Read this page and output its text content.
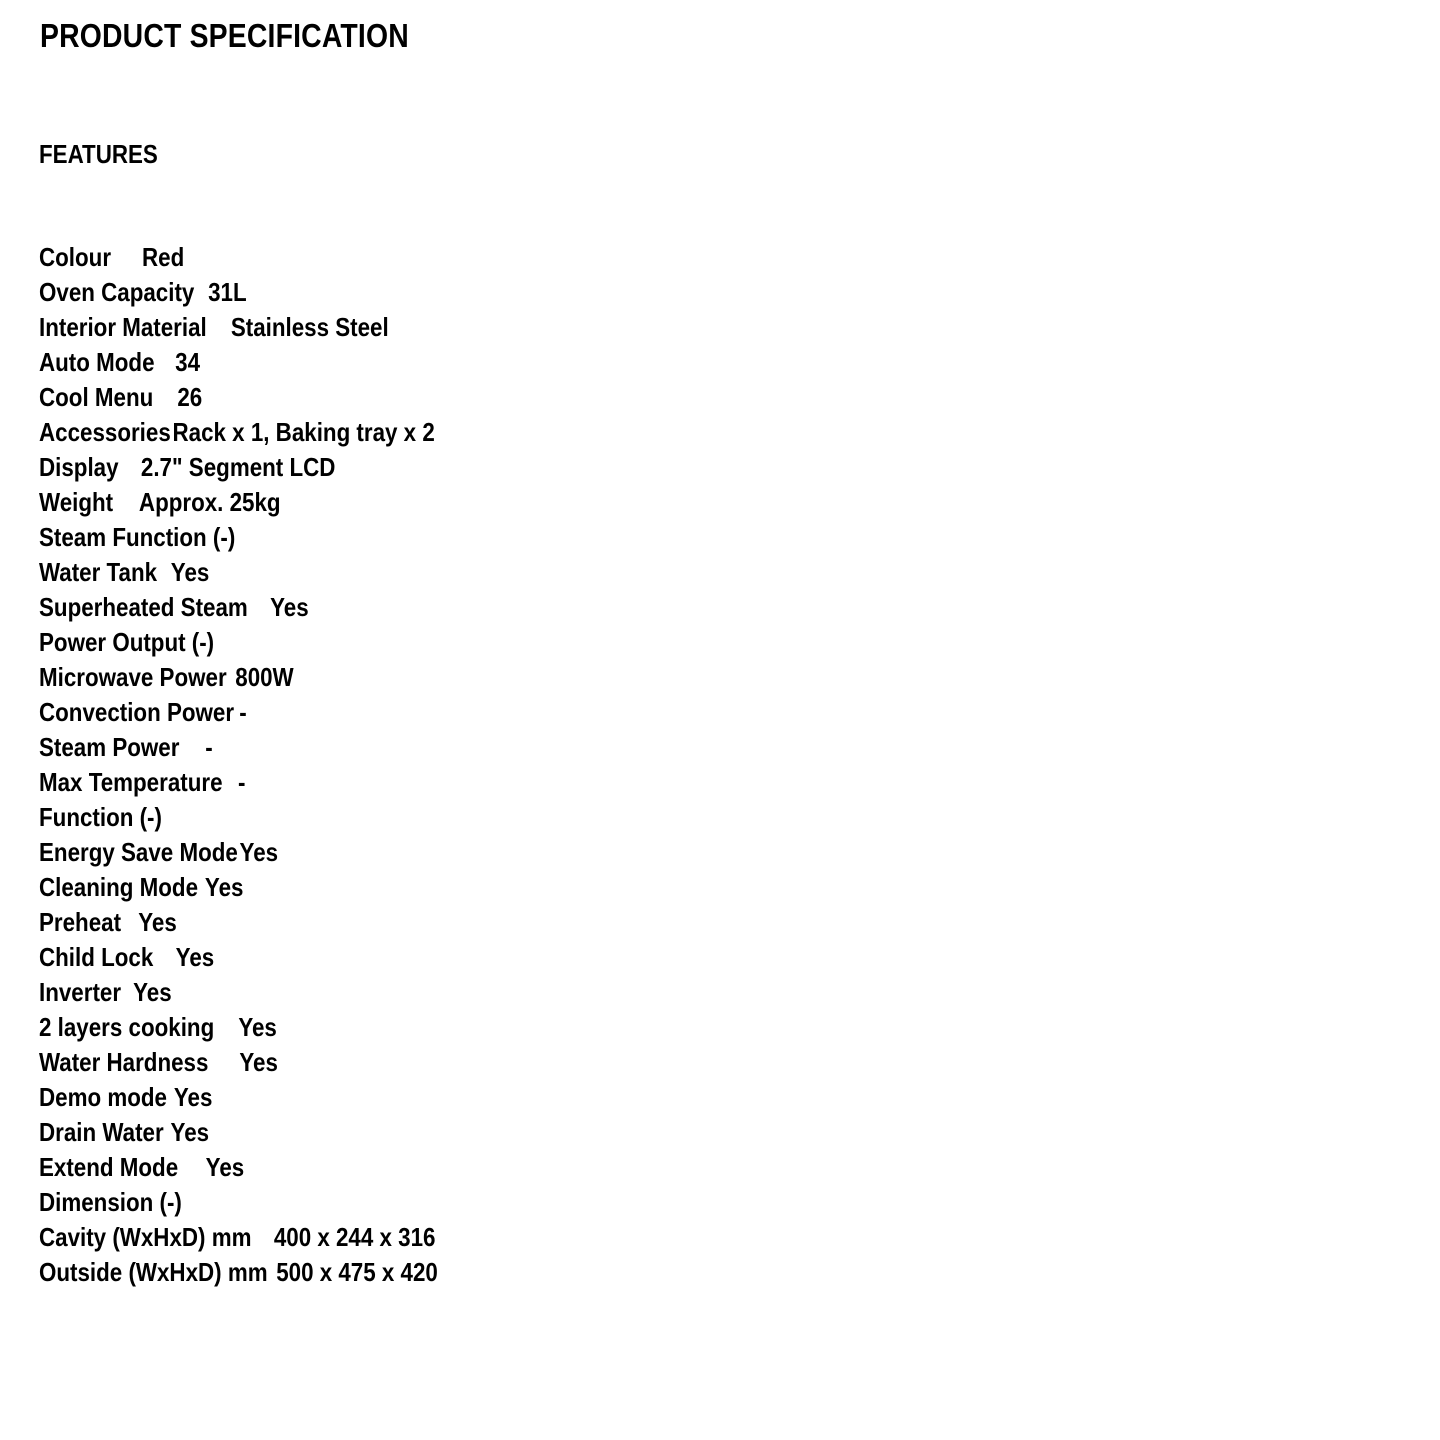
PRODUCT SPECIFICATION
FEATURES
Colour Red
Oven Capacity 31L
Interior Material Stainless Steel
Auto Mode 34
Cool Menu 26
AccessoriesRack x 1, Baking tray x 2
Display 2.7" Segment LCD
Weight Approx. 25kg
Steam Function (-)
Water Tank Yes
Superheated Steam Yes
Power Output (-)
Microwave Power 800W
Convection Power -
Steam Power -
Max Temperature -
Function (-)
Energy Save ModeYes
Cleaning Mode Yes
Preheat Yes
Child Lock Yes
Inverter Yes
2 layers cooking Yes
Water Hardness Yes
Demo mode Yes
Drain Water Yes
Extend Mode Yes
Dimension (-)
Cavity (WxHxD) mm 400 x 244 x 316
Outside (WxHxD) mm 500 x 475 x 420
